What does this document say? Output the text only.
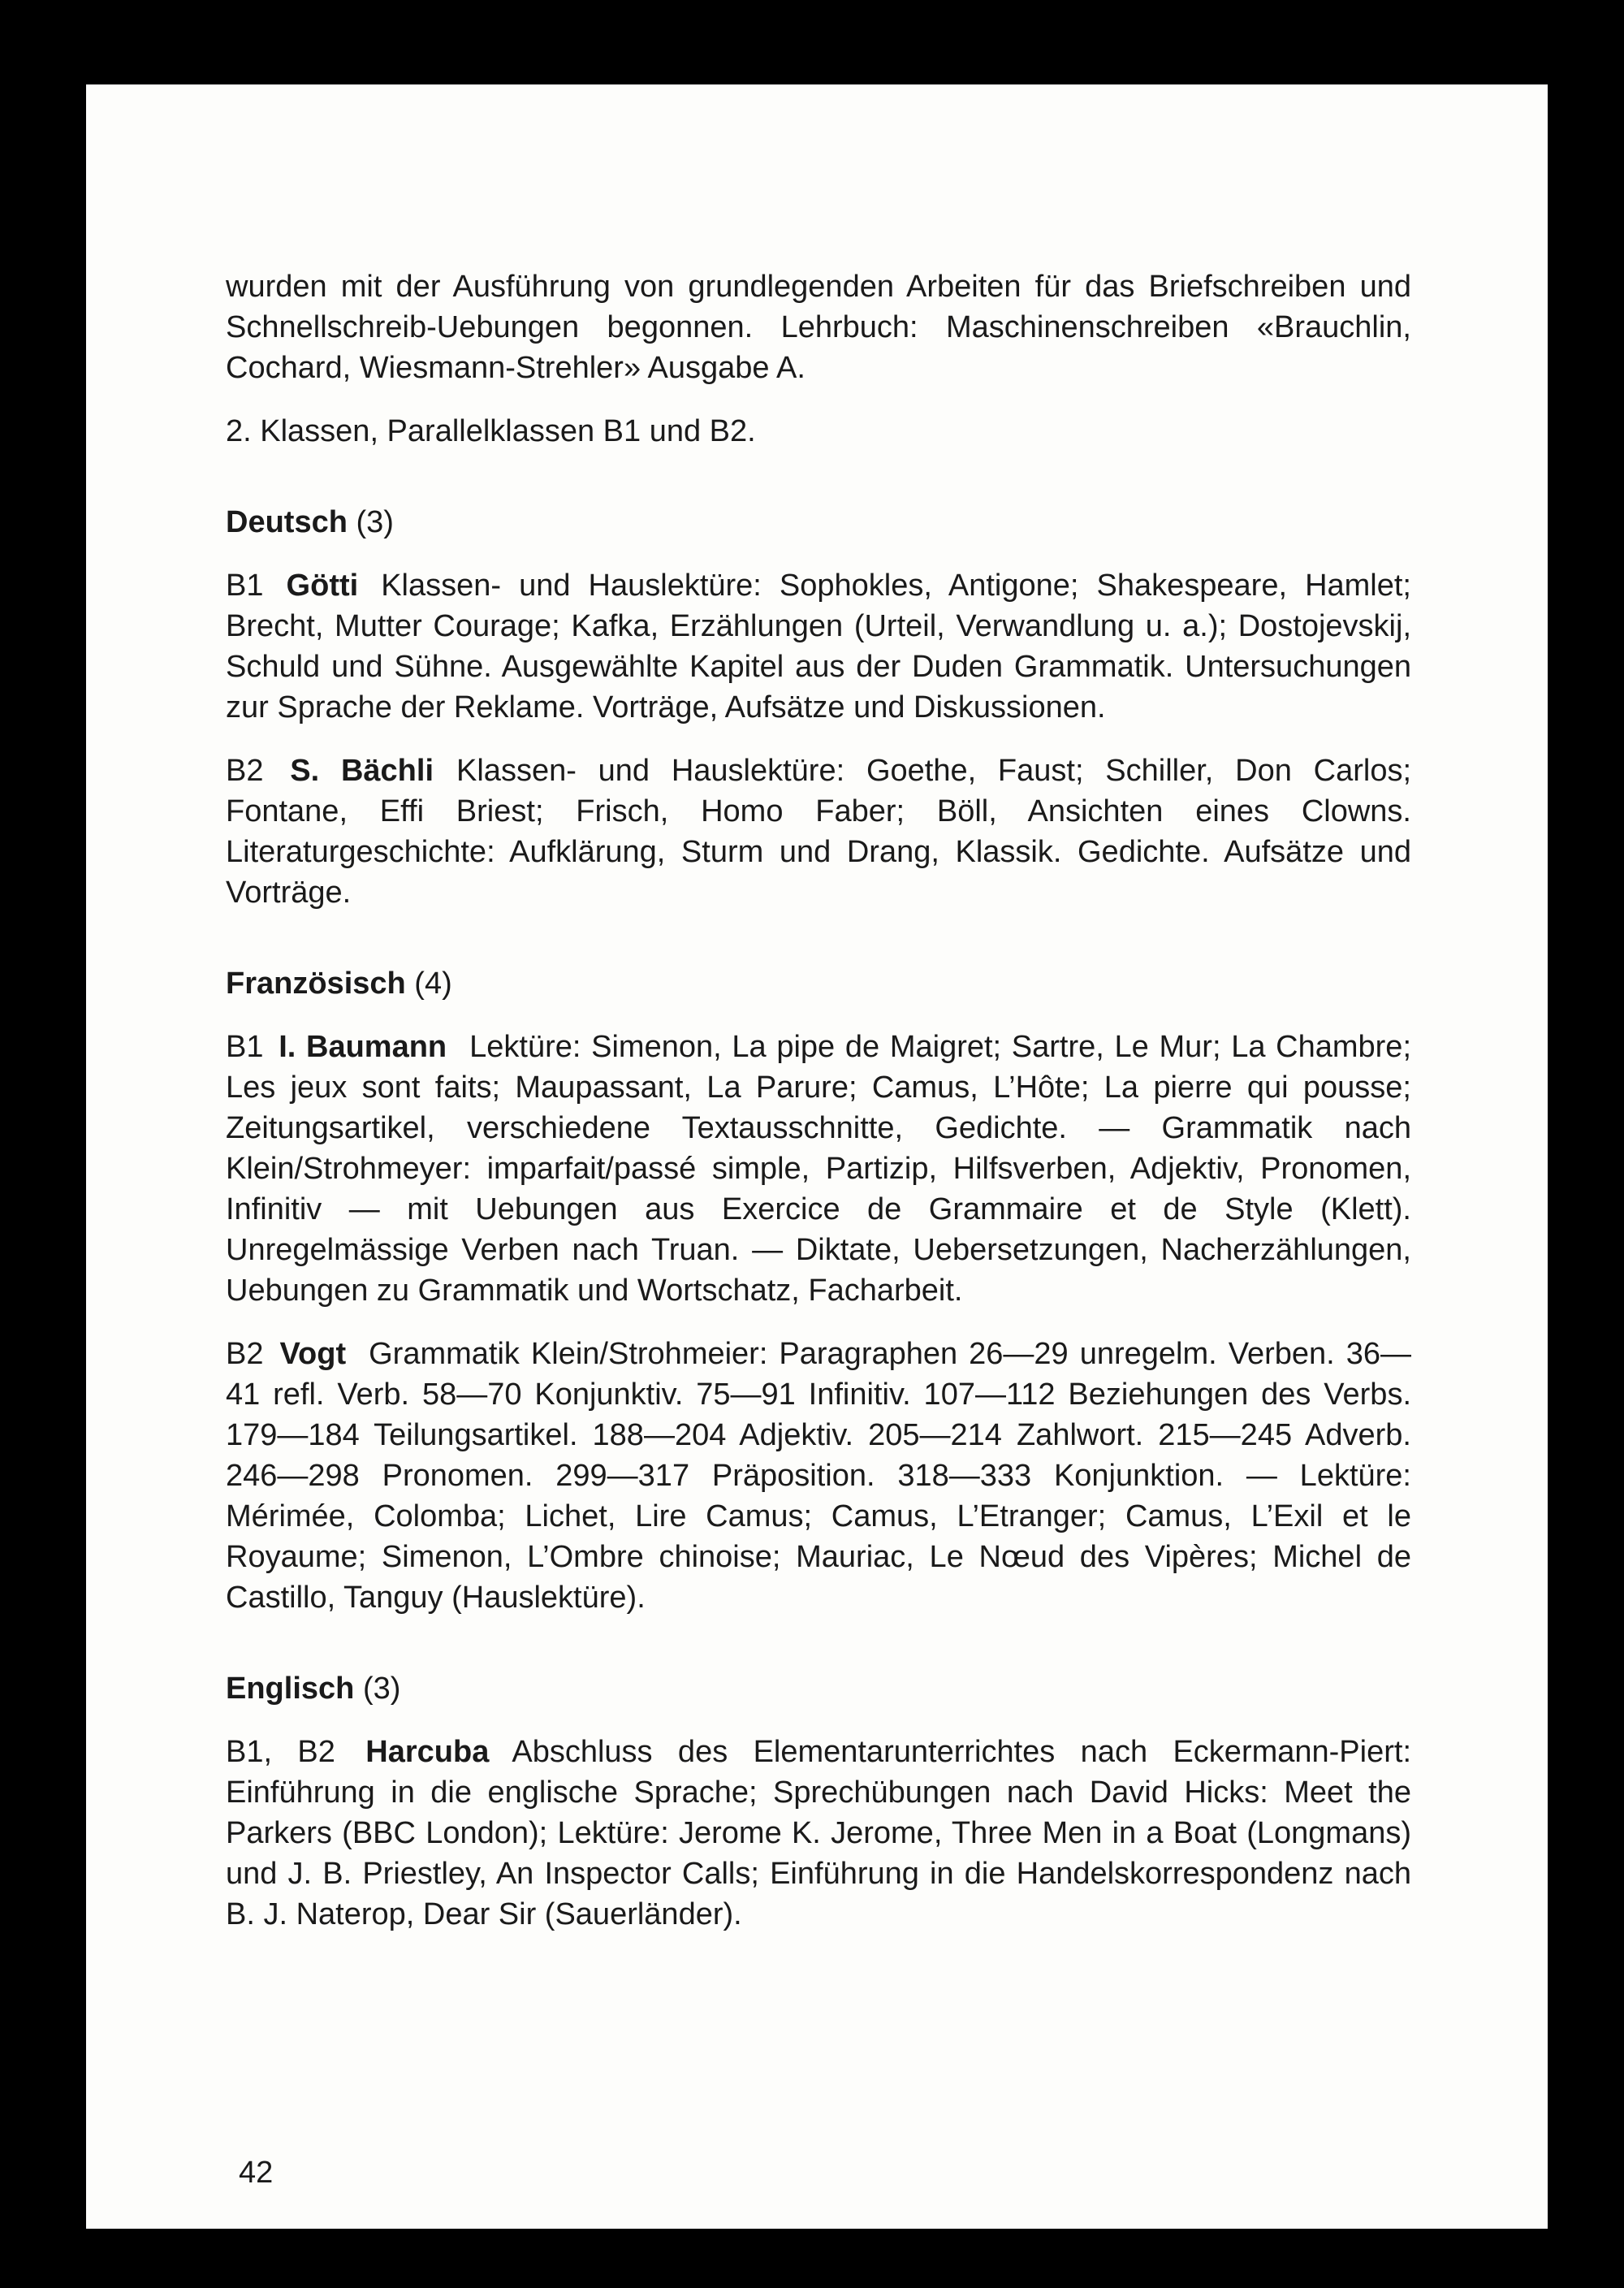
wurden mit der Ausführung von grundlegenden Arbeiten für das Briefschreiben und Schnellschreib-Uebungen begonnen. Lehrbuch: Maschinenschreiben «Brauchlin, Cochard, Wiesmann-Strehler» Ausgabe A.

2. Klassen, Parallelklassen B1 und B2.

Deutsch (3)

B1 Götti Klassen- und Hauslektüre: Sophokles, Antigone; Shakespeare, Hamlet; Brecht, Mutter Courage; Kafka, Erzählungen (Urteil, Verwandlung u. a.); Dostojevskij, Schuld und Sühne. Ausgewählte Kapitel aus der Duden Grammatik. Untersuchungen zur Sprache der Reklame. Vorträge, Aufsätze und Diskussionen.

B2 S. Bächli Klassen- und Hauslektüre: Goethe, Faust; Schiller, Don Carlos; Fontane, Effi Briest; Frisch, Homo Faber; Böll, Ansichten eines Clowns. Literaturgeschichte: Aufklärung, Sturm und Drang, Klassik. Gedichte. Aufsätze und Vorträge.

Französisch (4)

B1 I. Baumann Lektüre: Simenon, La pipe de Maigret; Sartre, Le Mur; La Chambre; Les jeux sont faits; Maupassant, La Parure; Camus, L’Hôte; La pierre qui pousse; Zeitungsartikel, verschiedene Textausschnitte, Gedichte. — Grammatik nach Klein/Strohmeyer: imparfait/passé simple, Partizip, Hilfsverben, Adjektiv, Pronomen, Infinitiv — mit Uebungen aus Exercice de Grammaire et de Style (Klett). Unregelmässige Verben nach Truan. — Diktate, Uebersetzungen, Nacherzählungen, Uebungen zu Grammatik und Wortschatz, Facharbeit.

B2 Vogt Grammatik Klein/Strohmeier: Paragraphen 26—29 unregelm. Verben. 36—41 refl. Verb. 58—70 Konjunktiv. 75—91 Infinitiv. 107—112 Beziehungen des Verbs. 179—184 Teilungsartikel. 188—204 Adjektiv. 205—214 Zahlwort. 215—245 Adverb. 246—298 Pronomen. 299—317 Präposition. 318—333 Konjunktion. — Lektüre: Mérimée, Colomba; Lichet, Lire Camus; Camus, L’Etranger; Camus, L’Exil et le Royaume; Simenon, L’Ombre chinoise; Mauriac, Le Nœud des Vipères; Michel de Castillo, Tanguy (Hauslektüre).

Englisch (3)

B1, B2 Harcuba Abschluss des Elementarunterrichtes nach Eckermann-Piert: Einführung in die englische Sprache; Sprechübungen nach David Hicks: Meet the Parkers (BBC London); Lektüre: Jerome K. Jerome, Three Men in a Boat (Longmans) und J. B. Priestley, An Inspector Calls; Einführung in die Handelskorrespondenz nach B. J. Naterop, Dear Sir (Sauerländer).

42
